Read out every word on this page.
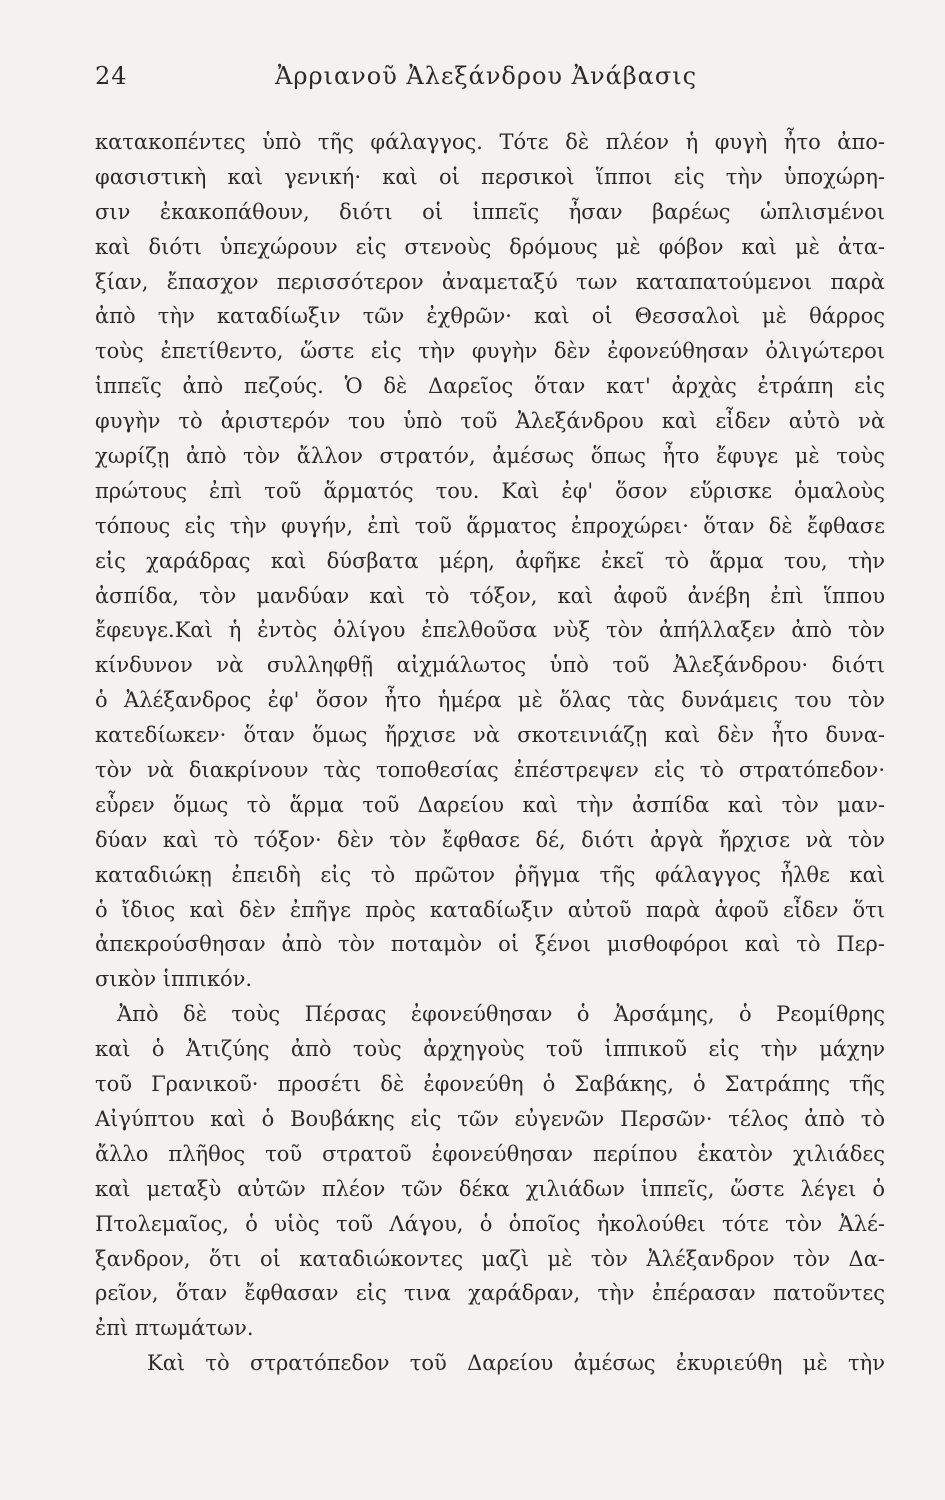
24	Ἀρριανοῦ Ἀλεξάνδρου Ἀνάβασις
κατακοπέντες ὑπὸ τῆς φάλαγγος. Τότε δὲ πλέον ἡ φυγὴ ἦτο ἀπο-
φασιστικὴ καὶ γενική· καὶ οἱ περσικοὶ ἵπποι εἰς τὴν ὑποχώρη-
σιν ἐκακοπάθουν, διότι οἱ ἱππεῖς ἦσαν βαρέως ὡπλισμένοι
καὶ διότι ὑπεχώρουν εἰς στενοὺς δρόμους μὲ φόβον καὶ μὲ ἀτα-
ξίαν, ἔπασχον περισσότερον ἀναμεταξύ των καταπατούμενοι παρὰ
ἀπὸ τὴν καταδίωξιν τῶν ἐχθρῶν· καὶ οἱ Θεσσαλοὶ μὲ θάρρος
τοὺς ἐπετίθεντο, ὥστε εἰς τὴν φυγὴν δὲν ἐφονεύθησαν ὀλιγώτεροι
ἱππεῖς ἀπὸ πεζούς. Ὁ δὲ Δαρεῖος ὅταν κατ' ἀρχὰς ἐτράπη εἰς
φυγὴν τὸ ἀριστερόν του ὑπὸ τοῦ Ἀλεξάνδρου καὶ εἶδεν αὐτὸ νὰ
χωρίζῃ ἀπὸ τὸν ἄλλον στρατόν, ἀμέσως ὅπως ἦτο ἔφυγε μὲ τοὺς
πρώτους ἐπὶ τοῦ ἅρματός του. Καὶ ἐφ' ὅσον εὕρισκε ὁμαλοὺς
τόπους εἰς τὴν φυγήν, ἐπὶ τοῦ ἅρματος ἐπροχώρει· ὅταν δὲ ἔφθασε
εἰς χαράδρας καὶ δύσβατα μέρη, ἀφῆκε ἐκεῖ τὸ ἅρμα του, τὴν
ἀσπίδα, τὸν μανδύαν καὶ τὸ τόξον, καὶ ἀφοῦ ἀνέβη ἐπὶ ἵππου
ἔφευγε.Καὶ ἡ ἐντὸς ὀλίγου ἐπελθοῦσα νὺξ τὸν ἀπήλλαξεν ἀπὸ τὸν
κίνδυνον νὰ συλληφθῇ αἰχμάλωτος ὑπὸ τοῦ Ἀλεξάνδρου· διότι
ὁ Ἀλέξανδρος ἐφ' ὅσον ἦτο ἡμέρα μὲ ὅλας τὰς δυνάμεις του τὸν
κατεδίωκεν· ὅταν ὅμως ἤρχισε νὰ σκοτεινιάζῃ καὶ δὲν ἦτο δυνα-
τὸν νὰ διακρίνουν τὰς τοποθεσίας ἐπέστρεψεν εἰς τὸ στρατόπεδον·
εὗρεν ὅμως τὸ ἅρμα τοῦ Δαρείου καὶ τὴν ἀσπίδα καὶ τὸν μαν-
δύαν καὶ τὸ τόξον· δὲν τὸν ἔφθασε δέ, διότι ἀργὰ ἤρχισε νὰ τὸν
καταδιώκῃ ἐπειδὴ εἰς τὸ πρῶτον ῥῆγμα τῆς φάλαγγος ἦλθε καὶ
ὁ ἴδιος καὶ δὲν ἐπῆγε πρὸς καταδίωξιν αὐτοῦ παρὰ ἀφοῦ εἶδεν ὅτι
ἀπεκρούσθησαν ἀπὸ τὸν ποταμὸν οἱ ξένοι μισθοφόροι καὶ τὸ Περ-
σικὸν ἱππικόν.
Ἀπὸ δὲ τοὺς Πέρσας ἐφονεύθησαν ὁ Ἀρσάμης, ὁ Ρεομίθρης
καὶ ὁ Ἀτιζύης ἀπὸ τοὺς ἀρχηγοὺς τοῦ ἱππικοῦ εἰς τὴν μάχην
τοῦ Γρανικοῦ· προσέτι δὲ ἐφονεύθη ὁ Σαβάκης, ὁ Σατράπης τῆς
Αἰγύπτου καὶ ὁ Βουβάκης εἰς τῶν εὐγενῶν Περσῶν· τέλος ἀπὸ τὸ
ἄλλο πλῆθος τοῦ στρατοῦ ἐφονεύθησαν περίπου ἑκατὸν χιλιάδες
καὶ μεταξὺ αὐτῶν πλέον τῶν δέκα χιλιάδων ἱππεῖς, ὥστε λέγει ὁ
Πτολεμαῖος, ὁ υἱὸς τοῦ Λάγου, ὁ ὁποῖος ἠκολούθει τότε τὸν Ἀλέ-
ξανδρον, ὅτι οἱ καταδιώκοντες μαζὶ μὲ τὸν Ἀλέξανδρον τὸν Δα-
ρεῖον, ὅταν ἔφθασαν εἰς τινα χαράδραν, τὴν ἐπέρασαν πατοῦντες
ἐπὶ πτωμάτων.
Καὶ τὸ στρατόπεδον τοῦ Δαρείου ἀμέσως ἐκυριεύθη μὲ τὴν
